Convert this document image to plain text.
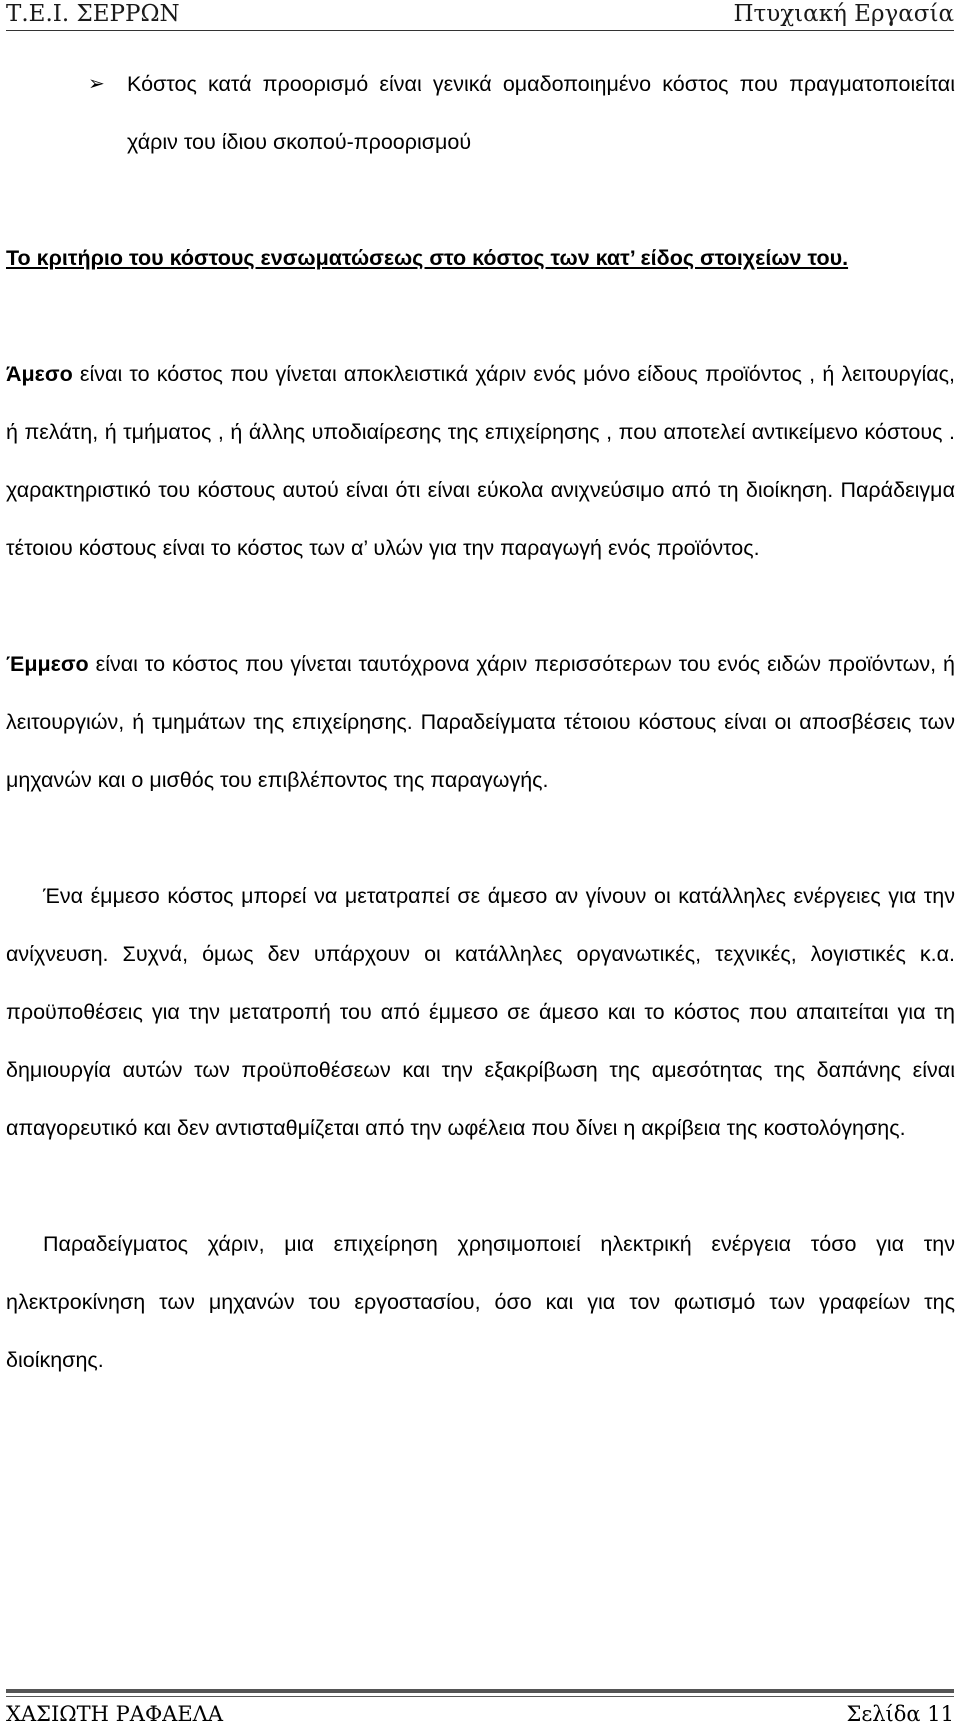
Τ.Ε.Ι. ΣΕΡΡΩΝ	Πτυχιακή Εργασία

➢ Κόστος κατά προορισμό είναι γενικά ομαδοποιημένο κόστος που πραγματοποιείται χάριν του ίδιου σκοπού-προορισμού

Το κριτήριο του κόστους ενσωματώσεως στο κόστος των κατ’ είδος στοιχείων του.

Άμεσο είναι το κόστος που γίνεται αποκλειστικά χάριν ενός μόνο είδους προϊόντος , ή λειτουργίας, ή πελάτη, ή τμήματος , ή άλλης υποδιαίρεσης της επιχείρησης , που αποτελεί αντικείμενο κόστους . χαρακτηριστικό του κόστους αυτού είναι ότι είναι εύκολα ανιχνεύσιμο από τη διοίκηση. Παράδειγμα τέτοιου κόστους είναι το κόστος των α’ υλών για την παραγωγή ενός προϊόντος.

Έμμεσο είναι το κόστος που γίνεται ταυτόχρονα χάριν περισσότερων του ενός ειδών προϊόντων, ή λειτουργιών, ή τμημάτων της επιχείρησης. Παραδείγματα τέτοιου κόστους είναι οι αποσβέσεις των μηχανών και ο μισθός του επιβλέποντος της παραγωγής.

Ένα έμμεσο κόστος μπορεί να μετατραπεί σε άμεσο αν γίνουν οι κατάλληλες ενέργειες για την ανίχνευση. Συχνά, όμως δεν υπάρχουν οι κατάλληλες οργανωτικές, τεχνικές, λογιστικές κ.α. προϋποθέσεις για την μετατροπή του από έμμεσο σε άμεσο και το κόστος που απαιτείται για τη δημιουργία αυτών των προϋποθέσεων και την εξακρίβωση της αμεσότητας της δαπάνης είναι απαγορευτικό και δεν αντισταθμίζεται από την ωφέλεια που δίνει η ακρίβεια της κοστολόγησης.

Παραδείγματος χάριν, μια επιχείρηση χρησιμοποιεί ηλεκτρική ενέργεια τόσο για την ηλεκτροκίνηση των μηχανών του εργοστασίου, όσο και για τον φωτισμό των γραφείων της διοίκησης.

ΧΑΣΙΩΤΗ ΡΑΦΑΕΛΑ	Σελίδα 11
